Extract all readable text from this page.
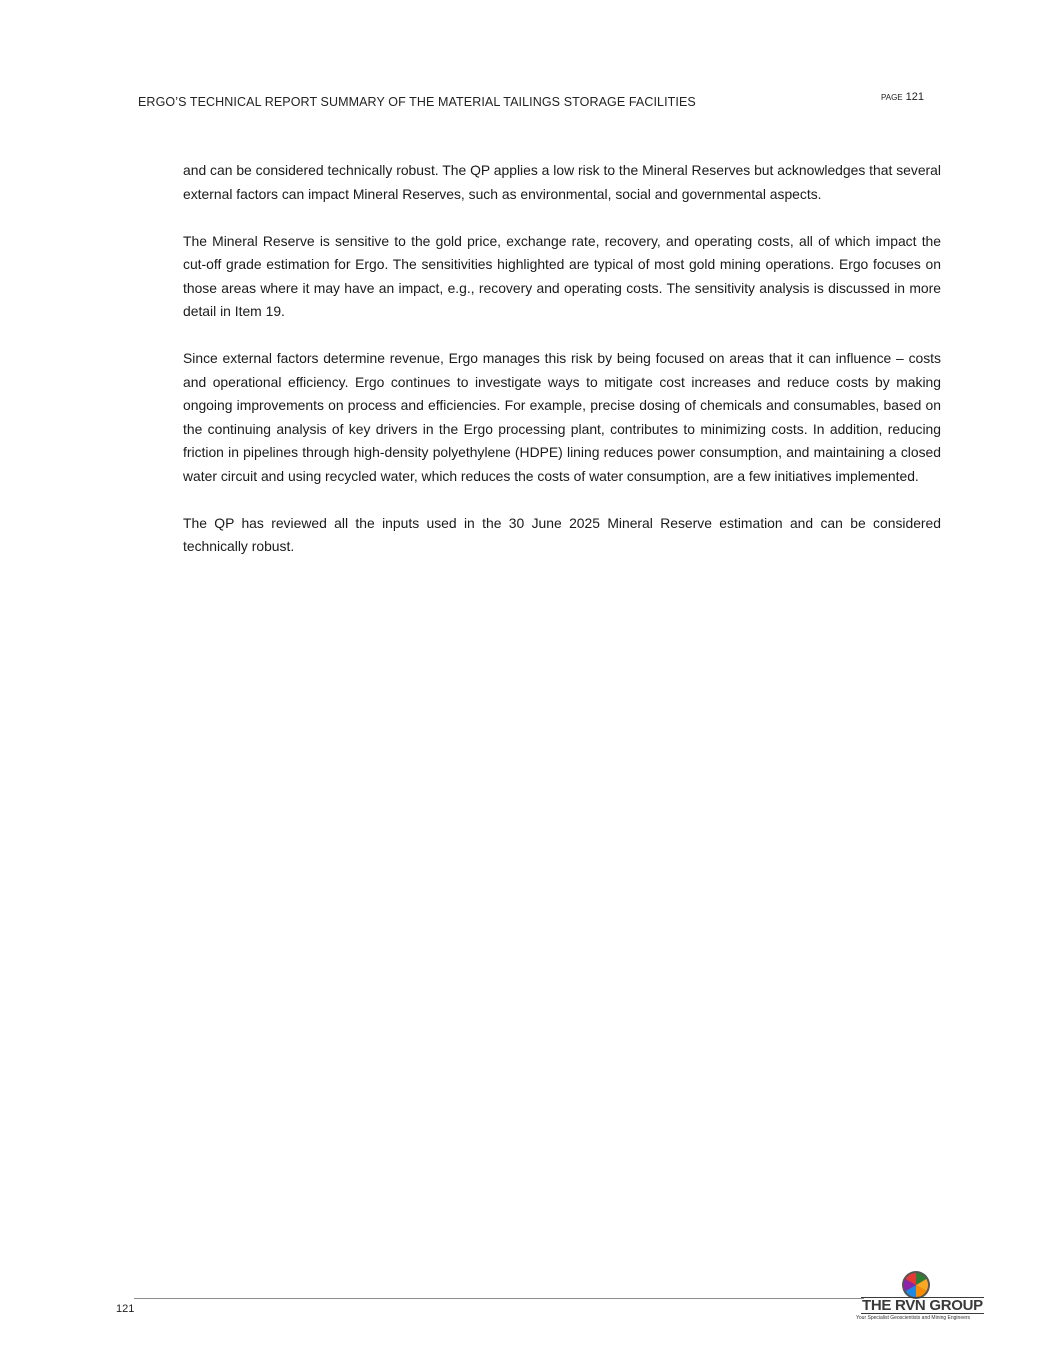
ERGO’S TECHNICAL REPORT SUMMARY OF THE MATERIAL TAILINGS STORAGE FACILITIES	PAGE 121

and can be considered technically robust. The QP applies a low risk to the Mineral Reserves but acknowledges that several external factors can impact Mineral Reserves, such as environmental, social and governmental aspects.

The Mineral Reserve is sensitive to the gold price, exchange rate, recovery, and operating costs, all of which impact the cut-off grade estimation for Ergo. The sensitivities highlighted are typical of most gold mining operations. Ergo focuses on those areas where it may have an impact, e.g., recovery and operating costs. The sensitivity analysis is discussed in more detail in Item 19.

Since external factors determine revenue, Ergo manages this risk by being focused on areas that it can influence – costs and operational efficiency. Ergo continues to investigate ways to mitigate cost increases and reduce costs by making ongoing improvements on process and efficiencies. For example, precise dosing of chemicals and consumables, based on the continuing analysis of key drivers in the Ergo processing plant, contributes to minimizing costs. In addition, reducing friction in pipelines through high-density polyethylene (HDPE) lining reduces power consumption, and maintaining a closed water circuit and using recycled water, which reduces the costs of water consumption, are a few initiatives implemented.

The QP has reviewed all the inputs used in the 30 June 2025 Mineral Reserve estimation and can be considered technically robust.

121	THE RVN GROUP
Your Specialist Geoscientists and Mining Engineers
